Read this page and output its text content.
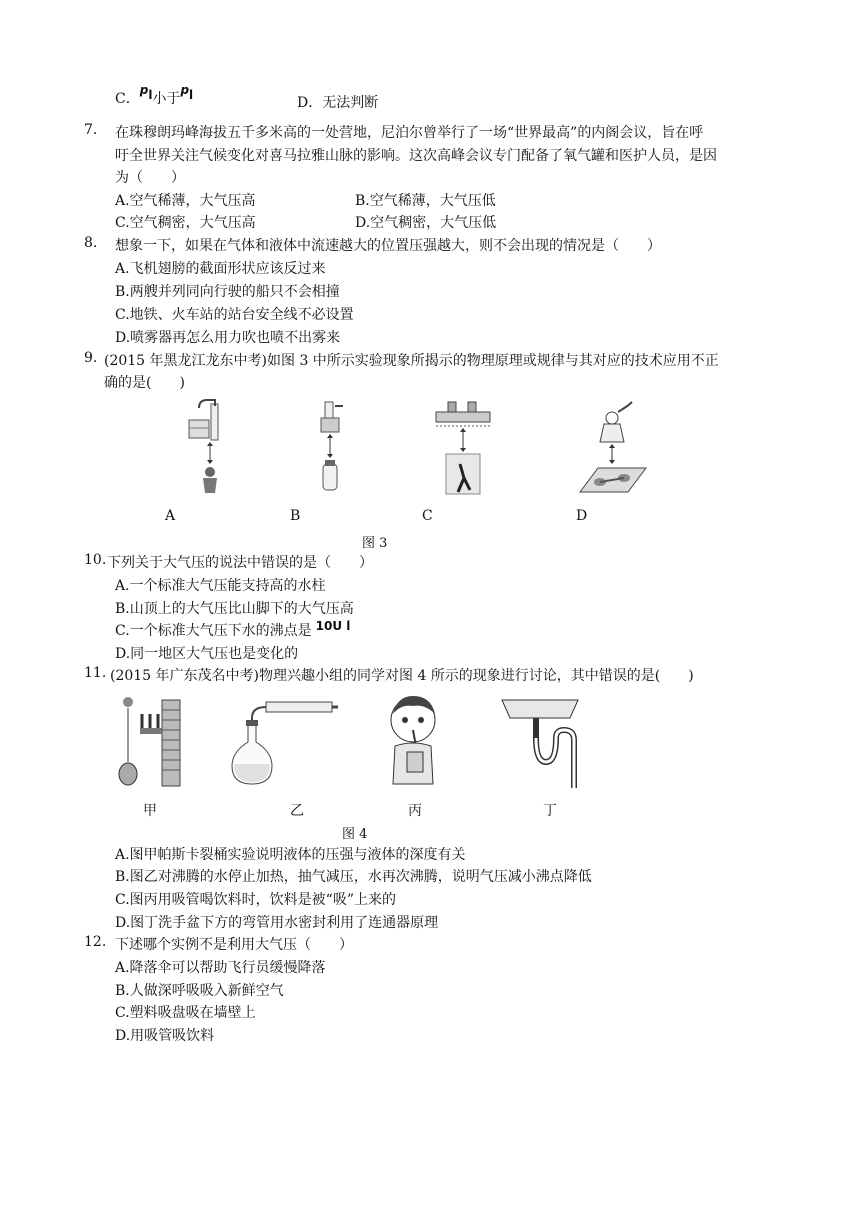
C．pl小于pl	D．无法判断
7. 在珠穆朗玛峰海拔五千多米高的一处营地，尼泊尔曾举行了一场“世界最高”的内阁会议，旨在呼
吁全世界关注气候变化对喜马拉雅山脉的影响。这次高峰会议专门配备了氧气罐和医护人员，是因
为（　　）
A.空气稀薄，大气压高	B.空气稀薄，大气压低
C.空气稠密，大气压高	D.空气稠密，大气压低
8. 想象一下，如果在气体和液体中流速越大的位置压强越大，则不会出现的情况是（　　）
A.飞机翅膀的截面形状应该反过来
B.两艘并列同向行驶的船只不会相撞
C.地铁、火车站的站台安全线不必设置
D.喷雾器再怎么用力吹也喷不出雾来
9. (2015 年黑龙江龙东中考)如图 3 中所示实验现象所揭示的物理原理或规律与其对应的技术应用不正
确的是(　　)
A	B	C	D
图 3
10. 下列关于大气压的说法中错误的是（　　）
A.一个标准大气压能支持高的水柱
B.山顶上的大气压比山脚下的大气压高
C.一个标准大气压下水的沸点是 10U l
D.同一地区大气压也是变化的
11. (2015 年广东茂名中考)物理兴趣小组的同学对图 4 所示的现象进行讨论，其中错误的是(　　)
甲	乙	丙	丁
图 4
A.图甲帕斯卡裂桶实验说明液体的压强与液体的深度有关
B.图乙对沸腾的水停止加热，抽气减压，水再次沸腾，说明气压减小沸点降低
C.图丙用吸管喝饮料时，饮料是被“吸”上来的
D.图丁洗手盆下方的弯管用水密封利用了连通器原理
12. 下述哪个实例不是利用大气压（　　）
A.降落伞可以帮助飞行员缓慢降落
B.人做深呼吸吸入新鲜空气
C.塑料吸盘吸在墙壁上
D.用吸管吸饮料
